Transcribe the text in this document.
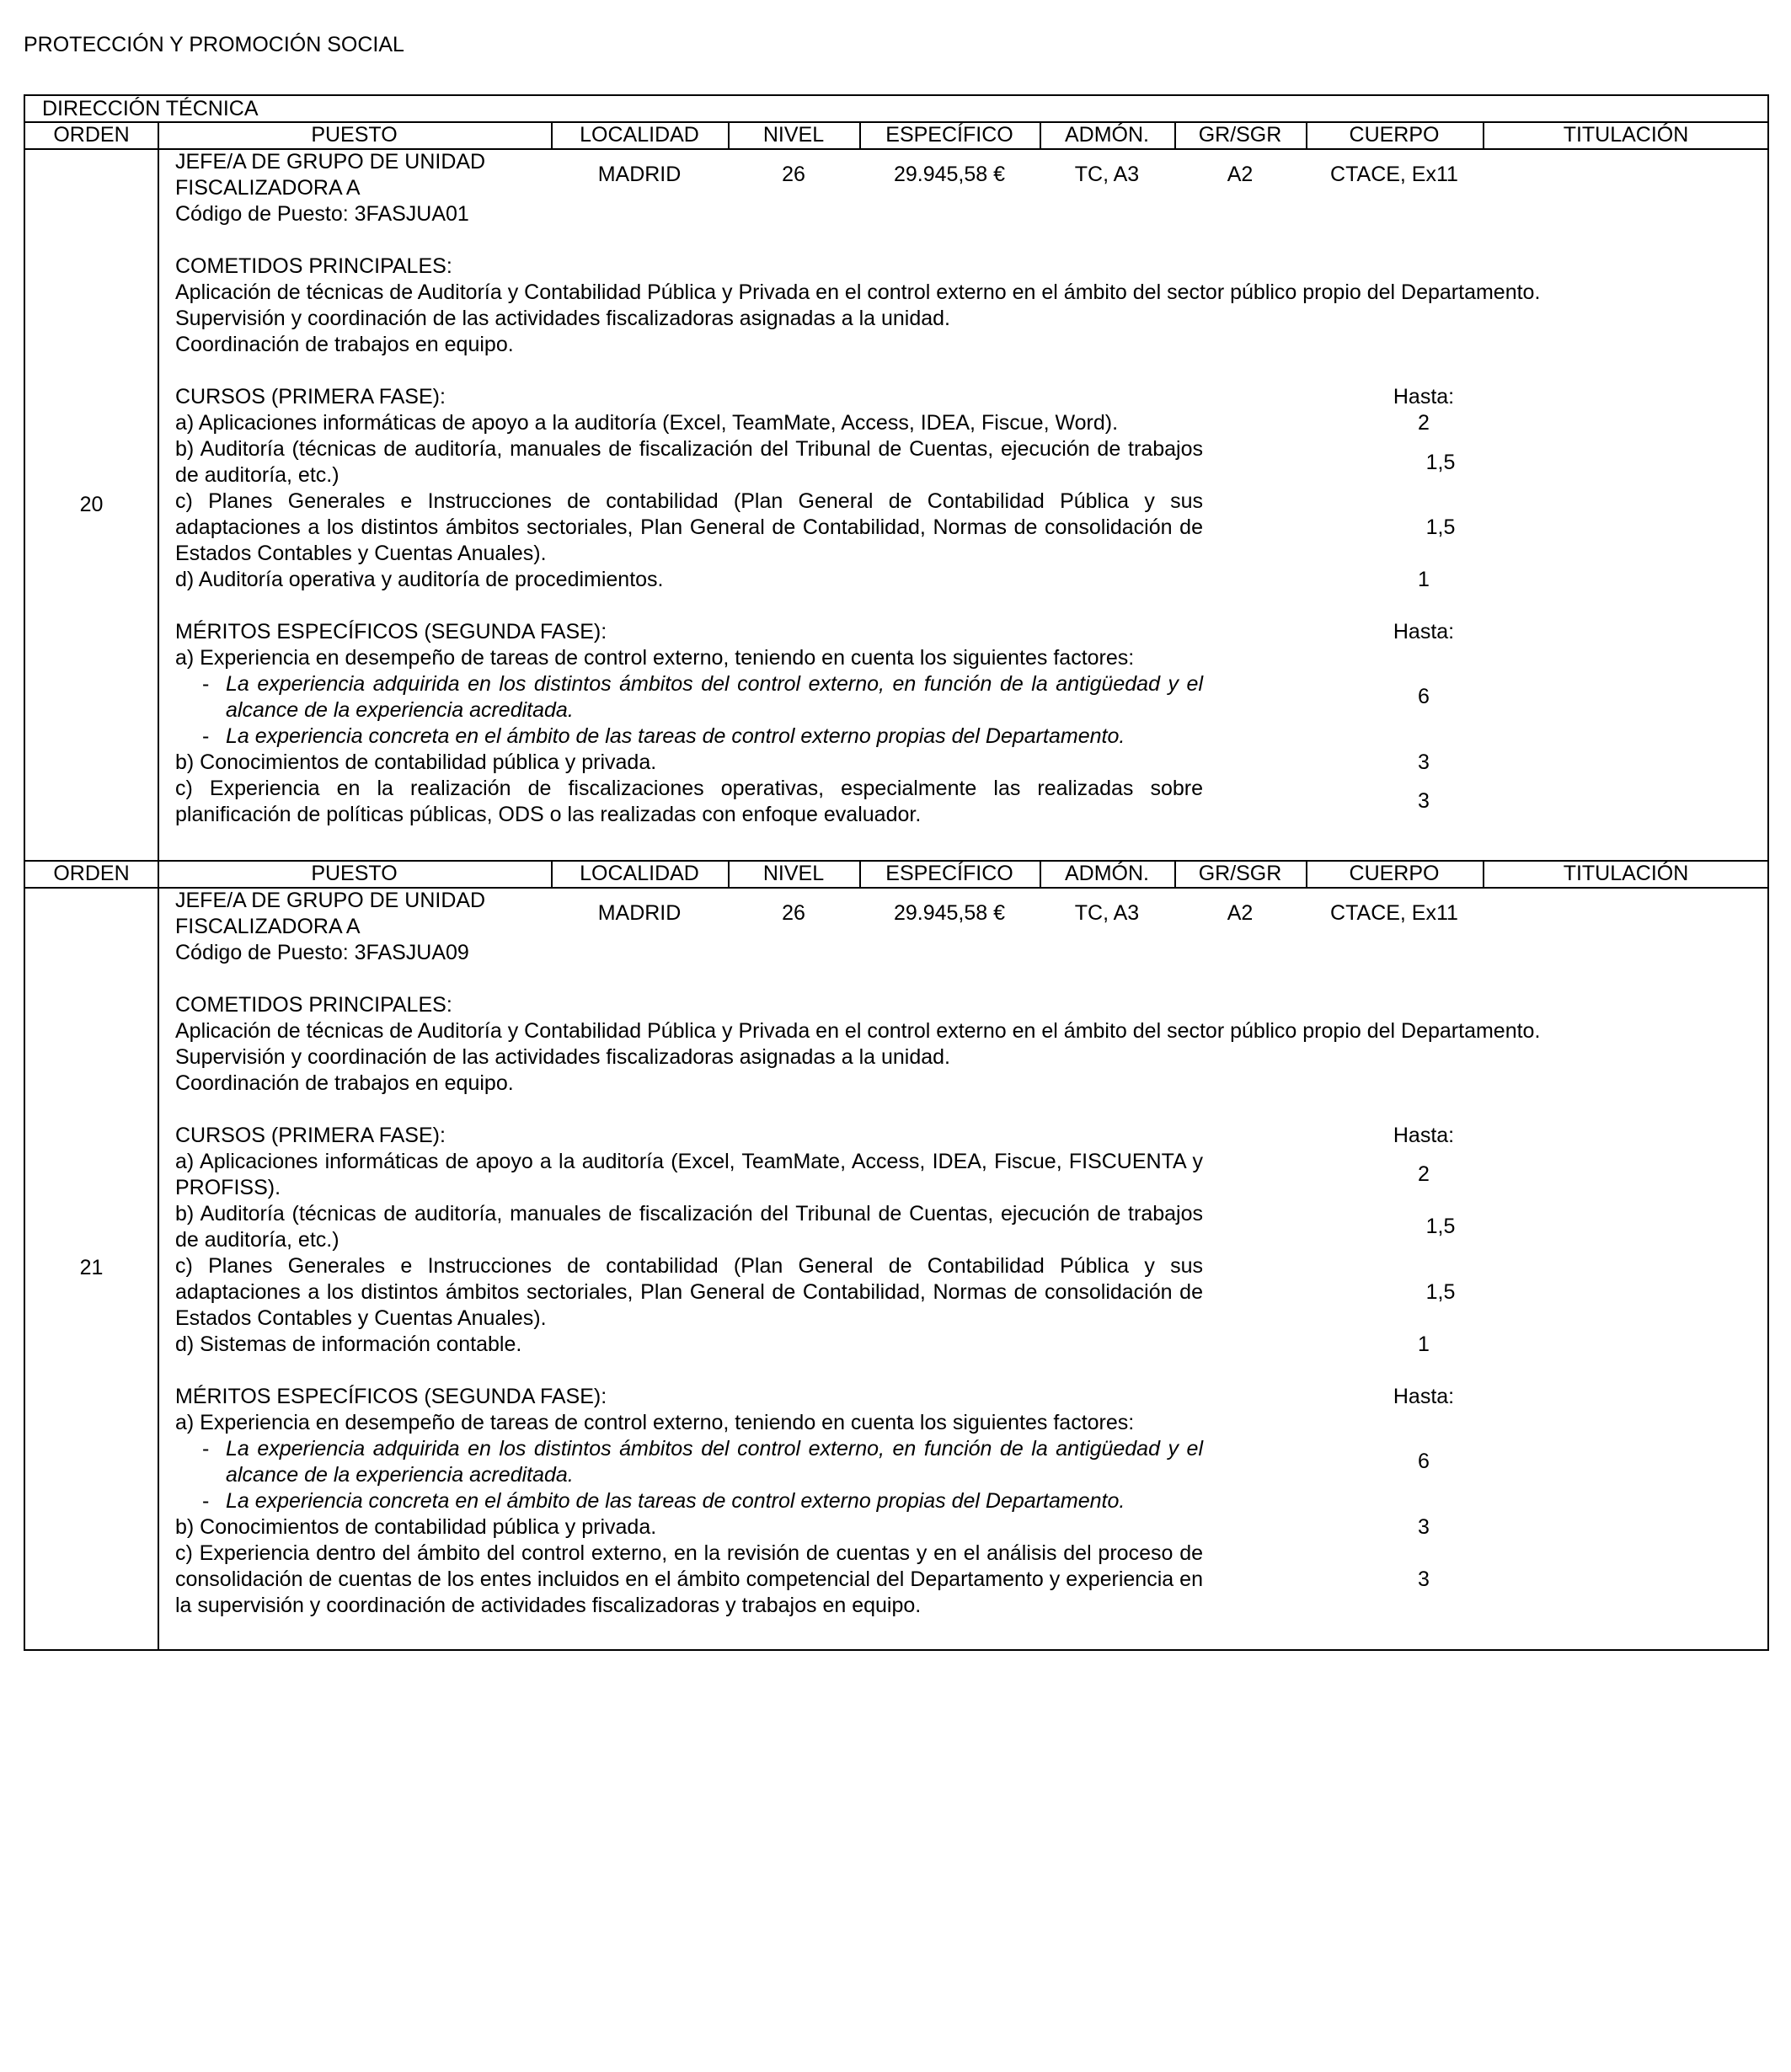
PROTECCIÓN Y PROMOCIÓN SOCIAL
DIRECCIÓN TÉCNICA
ORDEN	PUESTO	LOCALIDAD	NIVEL	ESPECÍFICO	ADMÓN.	GR/SGR	CUERPO	TITULACIÓN
20
JEFE/A DE GRUPO DE UNIDAD
FISCALIZADORA A
Código de Puesto: 3FASJUA01
MADRID	26	29.945,58 €	TC, A3	A2	CTACE, Ex11
COMETIDOS PRINCIPALES:
Aplicación de técnicas de Auditoría y Contabilidad Pública y Privada en el control externo en el ámbito del sector público propio del Departamento.
Supervisión y coordinación de las actividades fiscalizadoras asignadas a la unidad.
Coordinación de trabajos en equipo.
CURSOS (PRIMERA FASE):	Hasta:
a) Aplicaciones informáticas de apoyo a la auditoría (Excel, TeamMate, Access, IDEA, Fiscue, Word).	2
b) Auditoría (técnicas de auditoría, manuales de fiscalización del Tribunal de Cuentas, ejecución de trabajos de auditoría, etc.)
1,5
c) Planes Generales e Instrucciones de contabilidad (Plan General de Contabilidad Pública y sus adaptaciones a los distintos ámbitos sectoriales, Plan General de Contabilidad, Normas de consolidación de Estados Contables y Cuentas Anuales).
1,5
d) Auditoría operativa y auditoría de procedimientos.	1
MÉRITOS ESPECÍFICOS (SEGUNDA FASE):	Hasta:
a) Experiencia en desempeño de tareas de control externo, teniendo en cuenta los siguientes factores:
- La experiencia adquirida en los distintos ámbitos del control externo, en función de la antigüedad y el alcance de la experiencia acreditada.
- La experiencia concreta en el ámbito de las tareas de control externo propias del Departamento.
6
b) Conocimientos de contabilidad pública y privada.	3
c) Experiencia en la realización de fiscalizaciones operativas, especialmente las realizadas sobre planificación de políticas públicas, ODS o las realizadas con enfoque evaluador.
3
ORDEN	PUESTO	LOCALIDAD	NIVEL	ESPECÍFICO	ADMÓN.	GR/SGR	CUERPO	TITULACIÓN
21
JEFE/A DE GRUPO DE UNIDAD
FISCALIZADORA A
Código de Puesto: 3FASJUA09
MADRID	26	29.945,58 €	TC, A3	A2	CTACE, Ex11
COMETIDOS PRINCIPALES:
Aplicación de técnicas de Auditoría y Contabilidad Pública y Privada en el control externo en el ámbito del sector público propio del Departamento.
Supervisión y coordinación de las actividades fiscalizadoras asignadas a la unidad.
Coordinación de trabajos en equipo.
CURSOS (PRIMERA FASE):	Hasta:
a) Aplicaciones informáticas de apoyo a la auditoría (Excel, TeamMate, Access, IDEA, Fiscue, FISCUENTA y PROFISS).
2
b) Auditoría (técnicas de auditoría, manuales de fiscalización del Tribunal de Cuentas, ejecución de trabajos de auditoría, etc.)
1,5
c) Planes Generales e Instrucciones de contabilidad (Plan General de Contabilidad Pública y sus adaptaciones a los distintos ámbitos sectoriales, Plan General de Contabilidad, Normas de consolidación de Estados Contables y Cuentas Anuales).
1,5
d) Sistemas de información contable.	1
MÉRITOS ESPECÍFICOS (SEGUNDA FASE):	Hasta:
a) Experiencia en desempeño de tareas de control externo, teniendo en cuenta los siguientes factores:
- La experiencia adquirida en los distintos ámbitos del control externo, en función de la antigüedad y el alcance de la experiencia acreditada.
- La experiencia concreta en el ámbito de las tareas de control externo propias del Departamento.
6
b) Conocimientos de contabilidad pública y privada.	3
c) Experiencia dentro del ámbito del control externo, en la revisión de cuentas y en el análisis del proceso de consolidación de cuentas de los entes incluidos en el ámbito competencial del Departamento y experiencia en la supervisión y coordinación de actividades fiscalizadoras y trabajos en equipo.
3
